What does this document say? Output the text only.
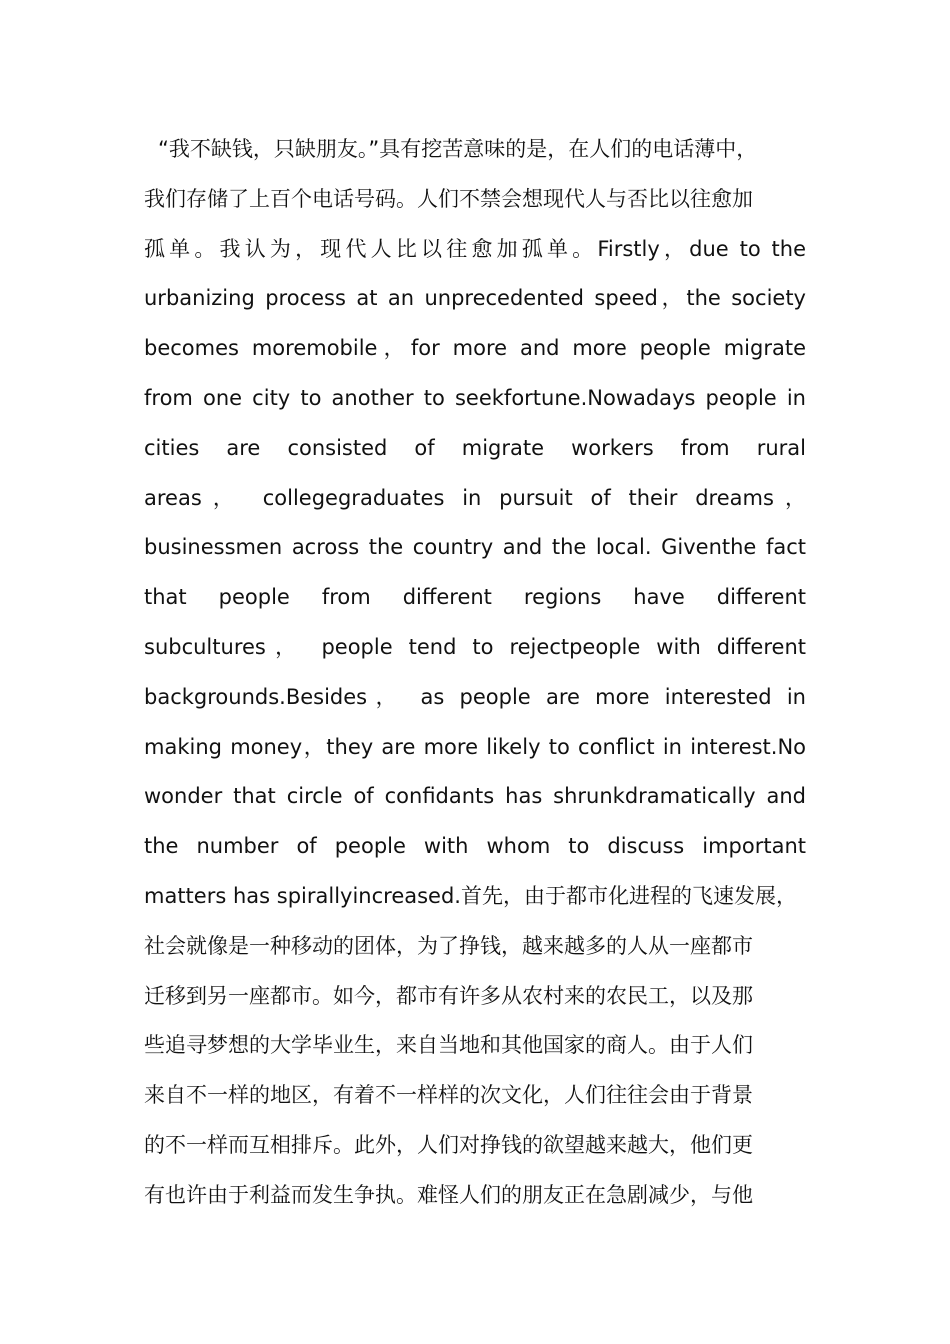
“我不缺钱，只缺朋友。”具有挖苦意味的是，在人们的电话薄中，
我们存储了上百个电话号码。人们不禁会想现代人与否比以往愈加
孤单。我认为，现代人比以往愈加孤单。Firstly，due to the
urbanizing process at an unprecedented speed，the society
becomes moremobile，for more and more people migrate
from one city to another to seekfortune.Nowadays people in
cities are consisted of migrate workers from rural
areas， collegegraduates in pursuit of their dreams，
businessmen across the country and the local. Giventhe fact
that people from different regions have different
subcultures， people tend to rejectpeople with different
backgrounds.Besides， as people are more interested in
making money，they are more likely to conflict in interest.No
wonder that circle of confidants has shrunkdramatically and
the number of people with whom to discuss important
matters has spirallyincreased.首先，由于都市化进程的飞速发展，
社会就像是一种移动的团体，为了挣钱，越来越多的人从一座都市
迁移到另一座都市。如今，都市有许多从农村来的农民工，以及那
些追寻梦想的大学毕业生，来自当地和其他国家的商人。由于人们
来自不一样的地区，有着不一样样的次文化，人们往往会由于背景
的不一样而互相排斥。此外，人们对挣钱的欲望越来越大，他们更
有也许由于利益而发生争执。难怪人们的朋友正在急剧减少，与他
